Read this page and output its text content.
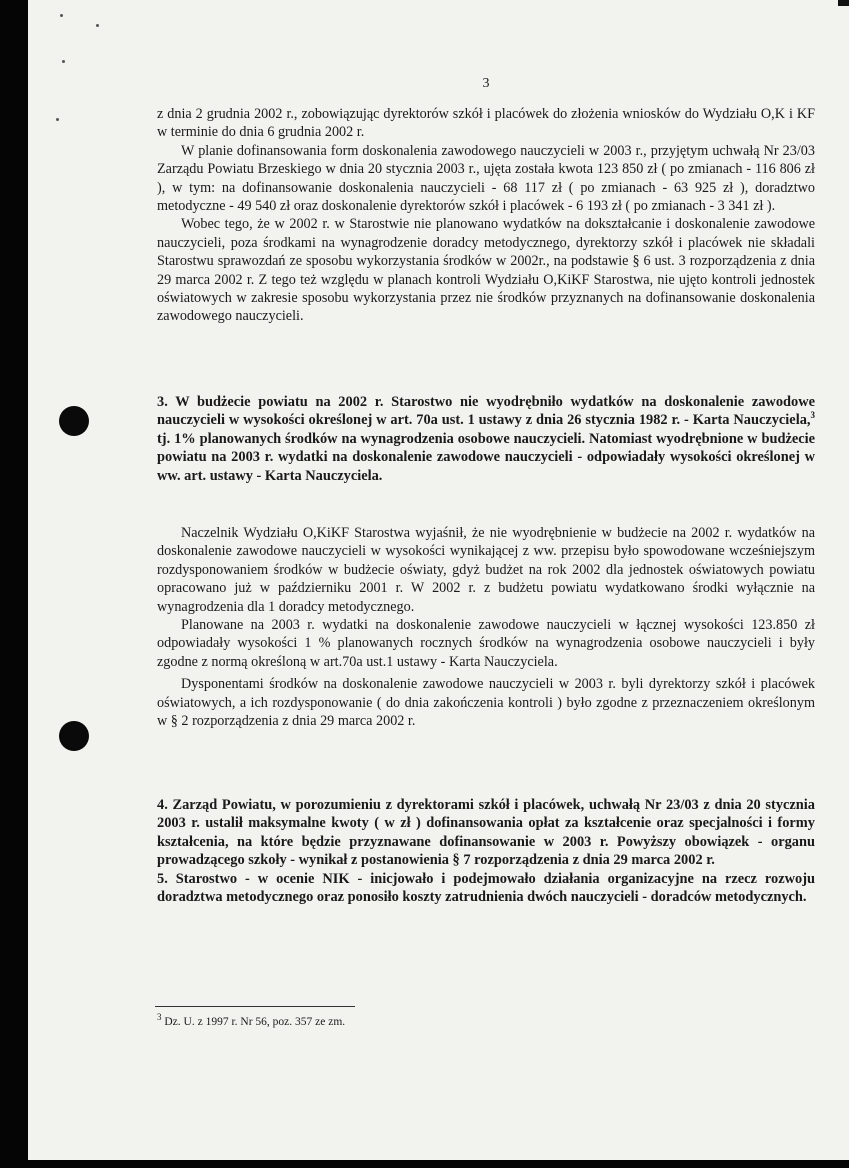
3

z dnia 2 grudnia 2002 r., zobowiązując dyrektorów szkół i placówek do złożenia wniosków do Wydziału O,K i KF w terminie do dnia 6 grudnia 2002 r.

W planie dofinansowania form doskonalenia zawodowego nauczycieli w 2003 r., przyjętym uchwałą Nr 23/03 Zarządu Powiatu Brzeskiego w dnia 20 stycznia 2003 r., ujęta została kwota 123 850 zł ( po zmianach - 116 806 zł ), w tym: na dofinansowanie doskonalenia nauczycieli - 68 117 zł ( po zmianach - 63 925 zł ), doradztwo metodyczne - 49 540 zł oraz doskonalenie dyrektorów szkół i placówek - 6 193 zł ( po zmianach - 3 341 zł ).

Wobec tego, że w 2002 r. w Starostwie nie planowano wydatków na dokształcanie i doskonalenie zawodowe nauczycieli, poza środkami na wynagrodzenie doradcy metodycznego, dyrektorzy szkół i placówek nie składali Starostwu sprawozdań ze sposobu wykorzystania środków w 2002r., na podstawie § 6 ust. 3 rozporządzenia z dnia 29 marca 2002 r. Z tego też względu w planach kontroli Wydziału O,KiKF Starostwa, nie ujęto kontroli jednostek oświatowych w zakresie sposobu wykorzystania przez nie środków przyznanych na dofinansowanie doskonalenia zawodowego nauczycieli.

3. W budżecie powiatu na 2002 r. Starostwo nie wyodrębniło wydatków na doskonalenie zawodowe nauczycieli w wysokości określonej w art. 70a ust. 1 ustawy z dnia 26 stycznia 1982 r. - Karta Nauczyciela,$^3$ tj. 1% planowanych środków na wynagrodzenia osobowe nauczycieli. Natomiast wyodrębnione w budżecie powiatu na 2003 r. wydatki na doskonalenie zawodowe nauczycieli - odpowiadały wysokości określonej w ww. art. ustawy - Karta Nauczyciela.

Naczelnik Wydziału O,KiKF Starostwa wyjaśnił, że nie wyodrębnienie w budżecie na 2002 r. wydatków na doskonalenie zawodowe nauczycieli w wysokości wynikającej z ww. przepisu było spowodowane wcześniejszym rozdysponowaniem środków w budżecie oświaty, gdyż budżet na rok 2002 dla jednostek oświatowych powiatu opracowano już w październiku 2001 r. W 2002 r. z budżetu powiatu wydatkowano środki wyłącznie na wynagrodzenia dla 1 doradcy metodycznego.

Planowane na 2003 r. wydatki na doskonalenie zawodowe nauczycieli w łącznej wysokości 123.850 zł odpowiadały wysokości 1 % planowanych rocznych środków na wynagrodzenia osobowe nauczycieli i były zgodne z normą określoną w art.70a ust.1 ustawy - Karta Nauczyciela.

Dysponentami środków na doskonalenie zawodowe nauczycieli w 2003 r. byli dyrektorzy szkół i placówek oświatowych, a ich rozdysponowanie ( do dnia zakończenia kontroli ) było zgodne z przeznaczeniem określonym w § 2 rozporządzenia z dnia 29 marca 2002 r.

4. Zarząd Powiatu, w porozumieniu z dyrektorami szkół i placówek, uchwałą Nr 23/03 z dnia 20 stycznia 2003 r. ustalił maksymalne kwoty ( w zł ) dofinansowania opłat za kształcenie oraz specjalności i formy kształcenia, na które będzie przyznawane dofinansowanie w 2003 r. Powyższy obowiązek - organu prowadzącego szkoły - wynikał z postanowienia § 7 rozporządzenia z dnia 29 marca 2002 r.

5. Starostwo - w ocenie NIK - inicjowało i podejmowało działania organizacyjne na rzecz rozwoju doradztwa metodycznego oraz ponosiło koszty zatrudnienia dwóch nauczycieli - doradców metodycznych.

$^3$ Dz. U. z 1997 r. Nr 56, poz. 357 ze zm.
